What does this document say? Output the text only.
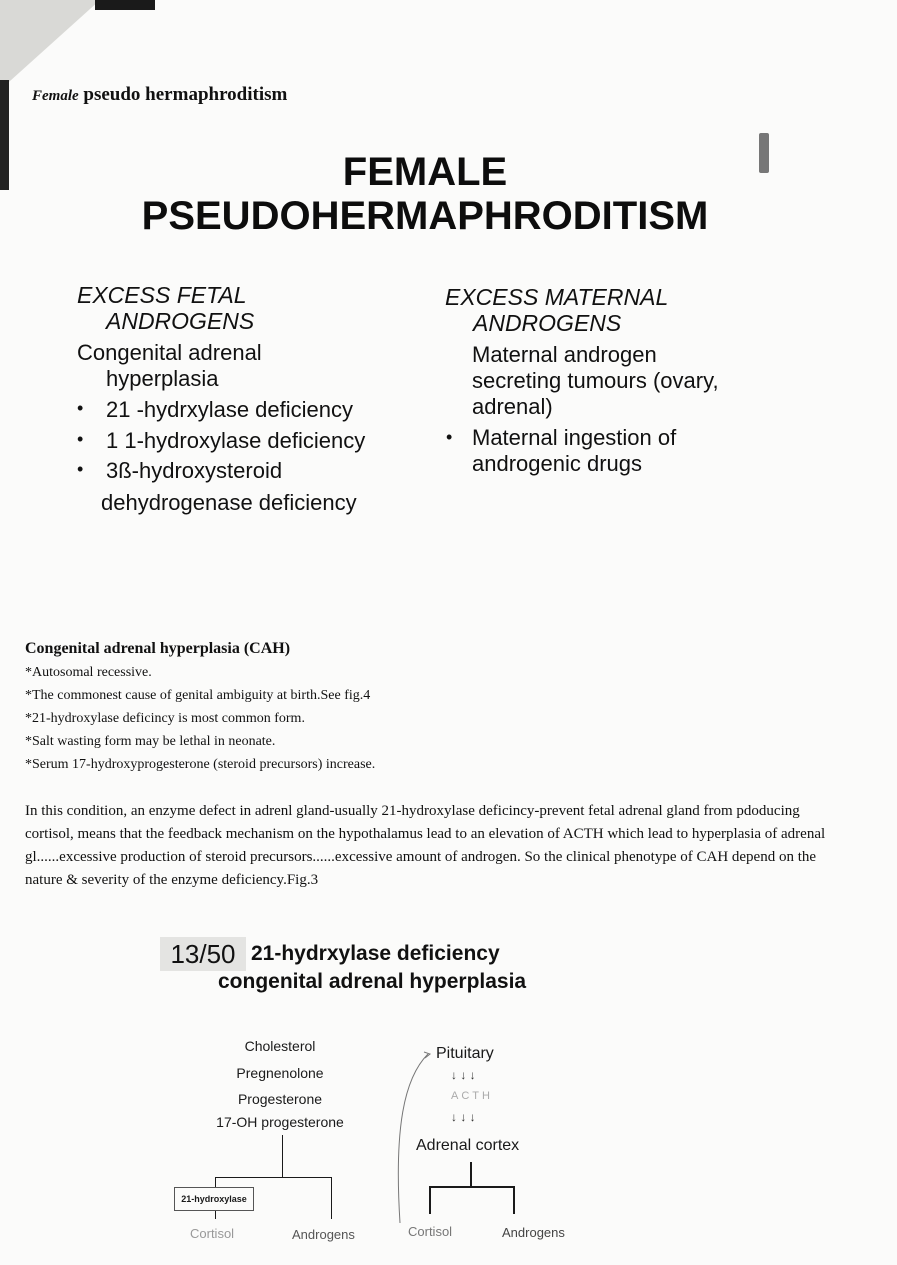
Female pseudo hermaphroditism
FEMALE
PSEUDOHERMAPHRODITISM
EXCESS FETAL
ANDROGENS
Congenital adrenal
hyperplasia
• 21 -hydrxylase deficiency
• 1 1-hydroxylase deficiency
• 3ß-hydroxysteroid
dehydrogenase deficiency
EXCESS MATERNAL
ANDROGENS
Maternal androgen
secreting tumours (ovary,
adrenal)
• Maternal ingestion of
androgenic drugs
Congenital adrenal hyperplasia (CAH)
*Autosomal recessive.
*The commonest cause of genital ambiguity at birth.See fig.4
*21-hydroxylase deficincy is most common form.
*Salt wasting form may be lethal in neonate.
*Serum 17-hydroxyprogesterone (steroid precursors) increase.
In this condition, an enzyme defect in adrenl gland-usually 21-hydroxylase deficincy-prevent fetal adrenal gland from pdoducing cortisol, means that the feedback mechanism on the hypothalamus lead to an elevation of ACTH which lead to hyperplasia of adrenal gl......excessive production of steroid precursors......excessive amount of androgen. So the clinical phenotype of CAH depend on the nature & severity of the enzyme deficiency.Fig.3
13/50 21-hydrxylase deficiency
congenital adrenal hyperplasia
Cholesterol
Pregnenolone
Progesterone
17-OH progesterone
21-hydroxylase
Cortisol	Androgens
Pituitary
↓ ↓ ↓
ACTH
↓ ↓ ↓
Adrenal cortex
Cortisol	Androgens
